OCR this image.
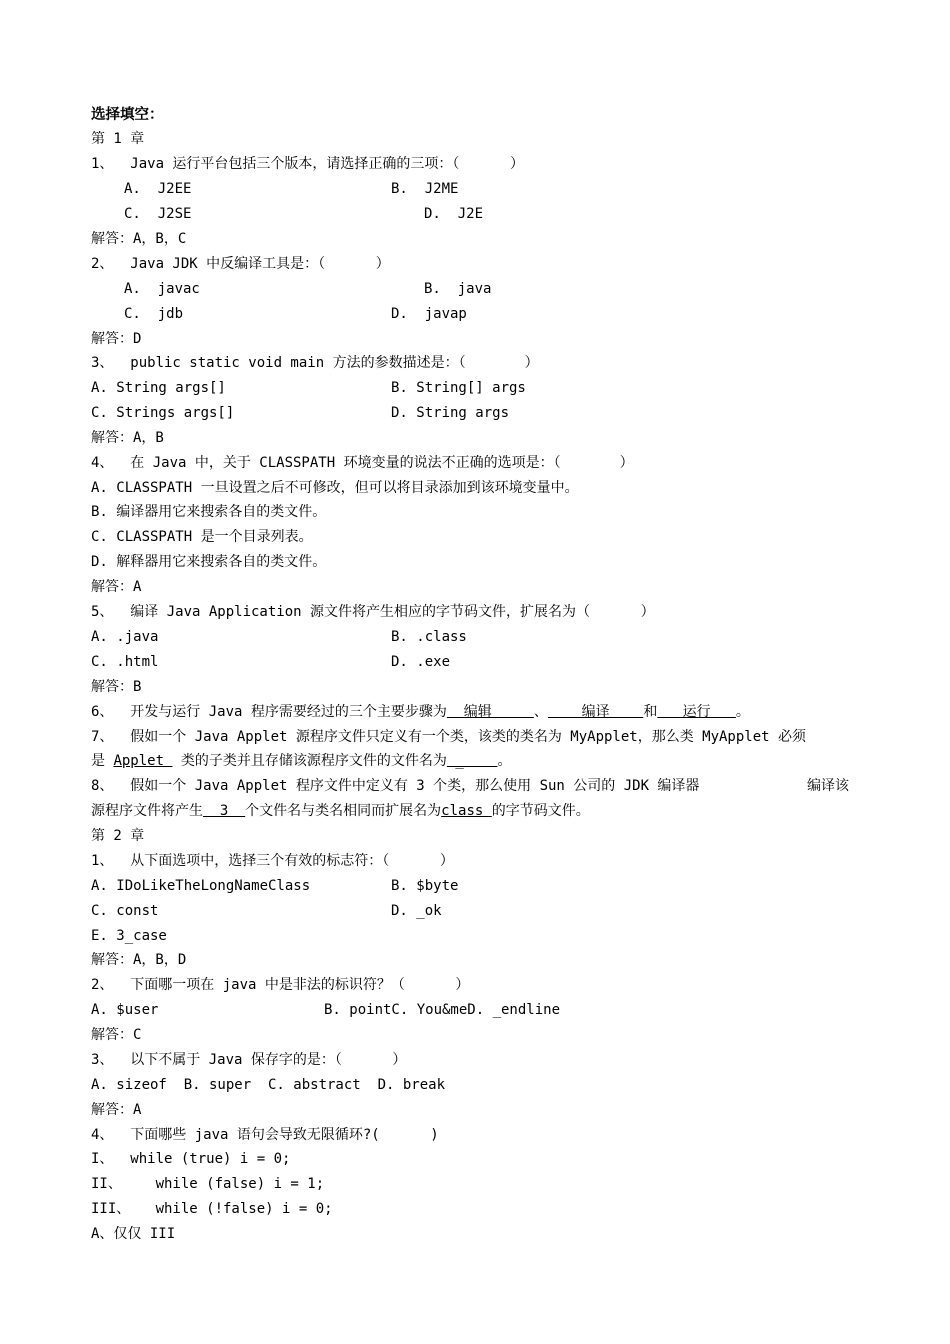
选择填空：
第 1 章
1、  Java 运行平台包括三个版本，请选择正确的三项：（      ）
A.  J2EE	B.  J2ME
C.  J2SE	D.  J2E
解答：A，B，C
2、  Java JDK 中反编译工具是：（      ）
A.  javac	B.  java
C.  jdb	D.  javap
解答：D
3、  public static void main 方法的参数描述是：（       ）
A. String args[]	B. String[] args
C. Strings args[]	D. String args
解答：A，B
4、  在 Java 中，关于 CLASSPATH 环境变量的说法不正确的选项是：（       ）
A. CLASSPATH 一旦设置之后不可修改，但可以将目录添加到该环境变量中。
B. 编译器用它来搜索各自的类文件。
C. CLASSPATH 是一个目录列表。
D. 解释器用它来搜索各自的类文件。
解答：A
5、  编译 Java Application 源文件将产生相应的字节码文件，扩展名为（      ）
A. .java	B. .class
C. .html	D. .exe
解答：B
6、  开发与运行 Java 程序需要经过的三个主要步骤为  编辑     、    编译    和   运行   。
7、  假如一个 Java Applet 源程序文件只定义有一个类，该类的类名为 MyApplet，那么类 MyApplet 必须
是 Applet  类的子类并且存储该源程序文件的文件名为 _    。
8、  假如一个 Java Applet 程序文件中定义有 3 个类，那么使用 Sun 公司的 JDK 编译器	编译该
源程序文件将产生  3  个文件名与类名相同而扩展名为class 的字节码文件。
第 2 章
1、  从下面选项中，选择三个有效的标志符：（      ）
A. IDoLikeTheLongNameClass	B. $byte
C. const	D. _ok
E. 3_case
解答：A，B，D
2、  下面哪一项在 java 中是非法的标识符？（      ）
A. $user	B. pointC. You&meD. _endline
解答：C
3、  以下不属于 Java 保存字的是：（      ）
A. sizeof  B. super  C. abstract  D. break
解答：A
4、  下面哪些 java 语句会导致无限循环?(      )
I、  while (true) i = 0;
II、    while (false) i = 1;
III、   while (!false) i = 0;
A、仅仅 III
